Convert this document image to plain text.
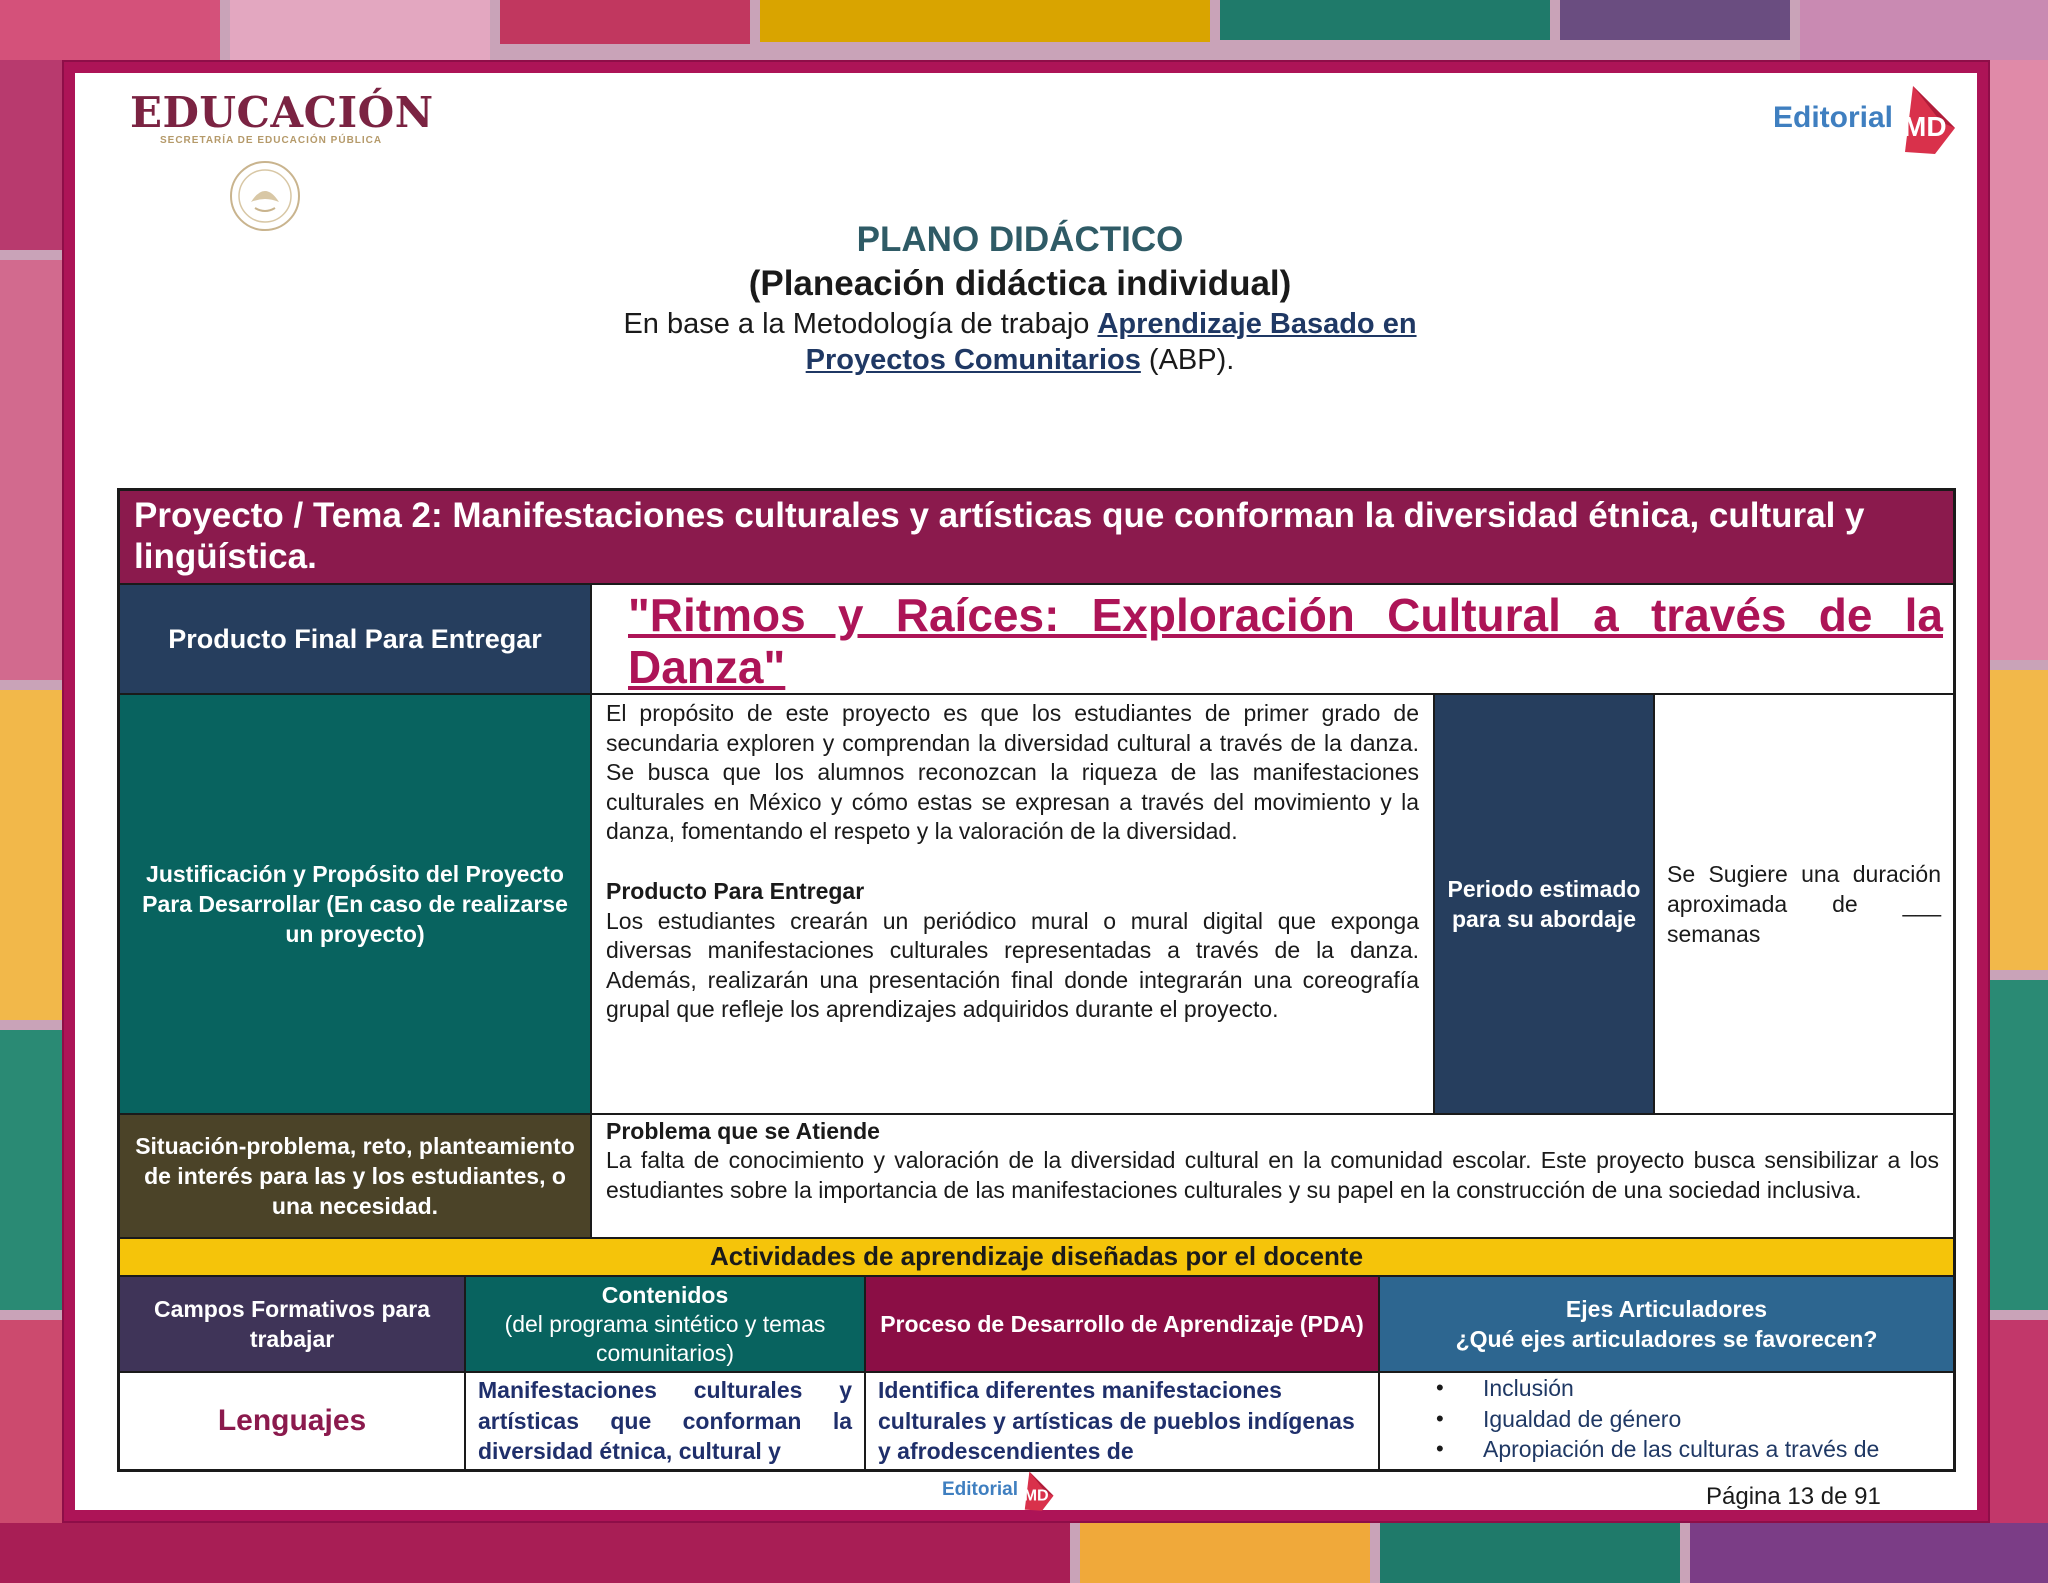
EDUCACIÓN
SECRETARÍA DE EDUCACIÓN PÚBLICA
Editorial MD
PLANO DIDÁCTICO
(Planeación didáctica individual)
En base a la Metodología de trabajo Aprendizaje Basado en
Proyectos Comunitarios (ABP).
Proyecto / Tema 2: Manifestaciones culturales y artísticas que conforman la diversidad étnica, cultural y lingüística.
Producto Final Para Entregar	"Ritmos y Raíces: Exploración Cultural a través de la Danza"
Justificación y Propósito del Proyecto Para Desarrollar (En caso de realizarse un proyecto)
El propósito de este proyecto es que los estudiantes de primer grado de secundaria exploren y comprendan la diversidad cultural a través de la danza. Se busca que los alumnos reconozcan la riqueza de las manifestaciones culturales en México y cómo estas se expresan a través del movimiento y la danza, fomentando el respeto y la valoración de la diversidad.
Producto Para Entregar
Los estudiantes crearán un periódico mural o mural digital que exponga diversas manifestaciones culturales representadas a través de la danza. Además, realizarán una presentación final donde integrarán una coreografía grupal que refleje los aprendizajes adquiridos durante el proyecto.
Periodo estimado para su abordaje
Se Sugiere una duración aproximada de ___ semanas
Situación-problema, reto, planteamiento de interés para las y los estudiantes, o una necesidad.
Problema que se Atiende
La falta de conocimiento y valoración de la diversidad cultural en la comunidad escolar. Este proyecto busca sensibilizar a los estudiantes sobre la importancia de las manifestaciones culturales y su papel en la construcción de una sociedad inclusiva.
Actividades de aprendizaje diseñadas por el docente
Campos Formativos para trabajar
Contenidos
(del programa sintético y temas comunitarios)
Proceso de Desarrollo de Aprendizaje (PDA)
Ejes Articuladores
¿Qué ejes articuladores se favorecen?
Lenguajes
Manifestaciones culturales y artísticas que conforman la diversidad étnica, cultural y
Identifica diferentes manifestaciones culturales y artísticas de pueblos indígenas y afrodescendientes de
• Inclusión
• Igualdad de género
• Apropiación de las culturas a través de
Editorial MD	Página 13 de 91
